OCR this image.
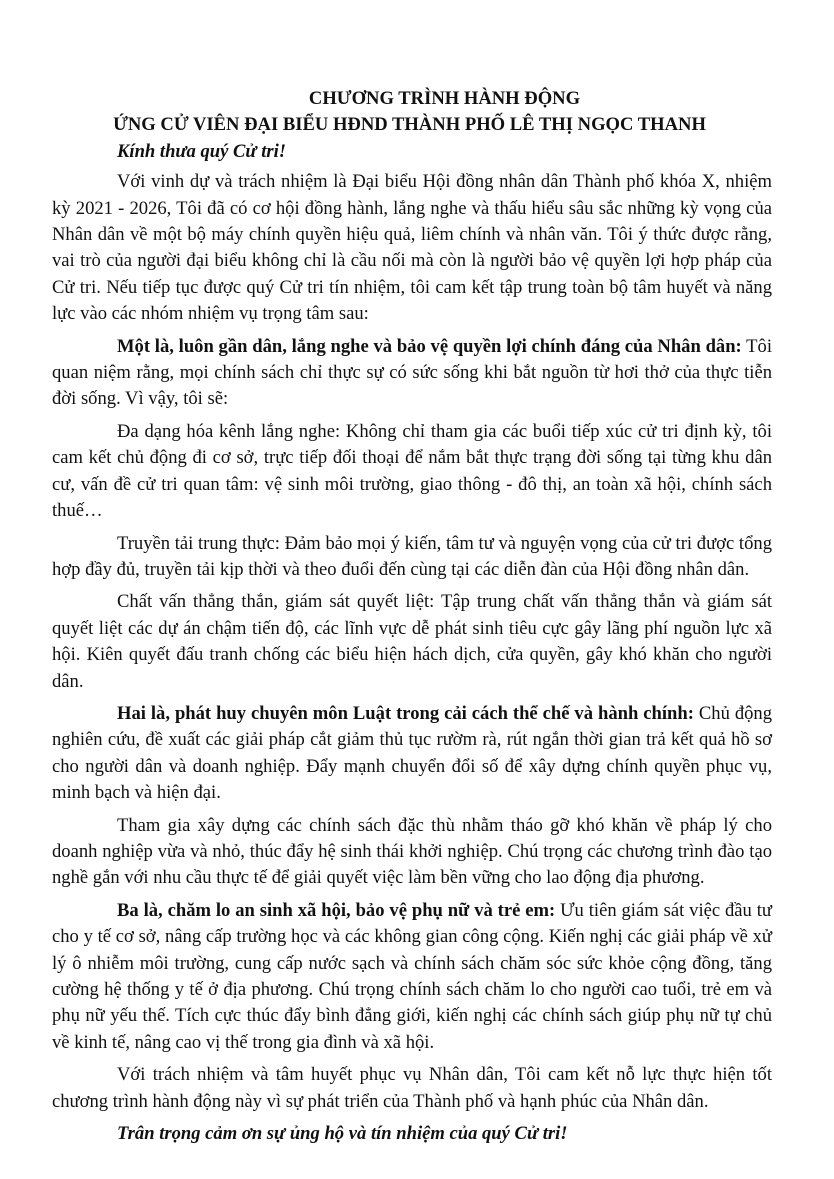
CHƯƠNG TRÌNH HÀNH ĐỘNG

ỨNG CỬ VIÊN ĐẠI BIỂU HĐND THÀNH PHỐ LÊ THỊ NGỌC THANH

Kính thưa quý Cử tri!

Với vinh dự và trách nhiệm là Đại biểu Hội đồng nhân dân Thành phố khóa X, nhiệm kỳ 2021 - 2026, Tôi đã có cơ hội đồng hành, lắng nghe và thấu hiểu sâu sắc những kỳ vọng của Nhân dân về một bộ máy chính quyền hiệu quả, liêm chính và nhân văn. Tôi ý thức được rằng, vai trò của người đại biểu không chỉ là cầu nối mà còn là người bảo vệ quyền lợi hợp pháp của Cử tri. Nếu tiếp tục được quý Cử tri tín nhiệm, tôi cam kết tập trung toàn bộ tâm huyết và năng lực vào các nhóm nhiệm vụ trọng tâm sau:

Một là, luôn gần dân, lắng nghe và bảo vệ quyền lợi chính đáng của Nhân dân: Tôi quan niệm rằng, mọi chính sách chỉ thực sự có sức sống khi bắt nguồn từ hơi thở của thực tiễn đời sống. Vì vậy, tôi sẽ:

Đa dạng hóa kênh lắng nghe: Không chỉ tham gia các buổi tiếp xúc cử tri định kỳ, tôi cam kết chủ động đi cơ sở, trực tiếp đối thoại để nắm bắt thực trạng đời sống tại từng khu dân cư, vấn đề cử tri quan tâm: vệ sinh môi trường, giao thông - đô thị, an toàn xã hội, chính sách thuế…

Truyền tải trung thực: Đảm bảo mọi ý kiến, tâm tư và nguyện vọng của cử tri được tổng hợp đầy đủ, truyền tải kịp thời và theo đuổi đến cùng tại các diễn đàn của Hội đồng nhân dân.

Chất vấn thẳng thắn, giám sát quyết liệt: Tập trung chất vấn thẳng thắn và giám sát quyết liệt các dự án chậm tiến độ, các lĩnh vực dễ phát sinh tiêu cực gây lãng phí nguồn lực xã hội. Kiên quyết đấu tranh chống các biểu hiện hách dịch, cửa quyền, gây khó khăn cho người dân.

Hai là, phát huy chuyên môn Luật trong cải cách thể chế và hành chính: Chủ động nghiên cứu, đề xuất các giải pháp cắt giảm thủ tục rườm rà, rút ngắn thời gian trả kết quả hồ sơ cho người dân và doanh nghiệp. Đẩy mạnh chuyển đổi số để xây dựng chính quyền phục vụ, minh bạch và hiện đại.

Tham gia xây dựng các chính sách đặc thù nhằm tháo gỡ khó khăn về pháp lý cho doanh nghiệp vừa và nhỏ, thúc đẩy hệ sinh thái khởi nghiệp. Chú trọng các chương trình đào tạo nghề gắn với nhu cầu thực tế để giải quyết việc làm bền vững cho lao động địa phương.

Ba là, chăm lo an sinh xã hội, bảo vệ phụ nữ và trẻ em: Ưu tiên giám sát việc đầu tư cho y tế cơ sở, nâng cấp trường học và các không gian công cộng. Kiến nghị các giải pháp về xử lý ô nhiễm môi trường, cung cấp nước sạch và chính sách chăm sóc sức khỏe cộng đồng, tăng cường hệ thống y tế ở địa phương. Chú trọng chính sách chăm lo cho người cao tuổi, trẻ em và phụ nữ yếu thế. Tích cực thúc đẩy bình đẳng giới, kiến nghị các chính sách giúp phụ nữ tự chủ về kinh tế, nâng cao vị thế trong gia đình và xã hội.

Với trách nhiệm và tâm huyết phục vụ Nhân dân, Tôi cam kết nỗ lực thực hiện tốt chương trình hành động này vì sự phát triển của Thành phố và hạnh phúc của Nhân dân.

Trân trọng cảm ơn sự ủng hộ và tín nhiệm của quý Cử tri!
